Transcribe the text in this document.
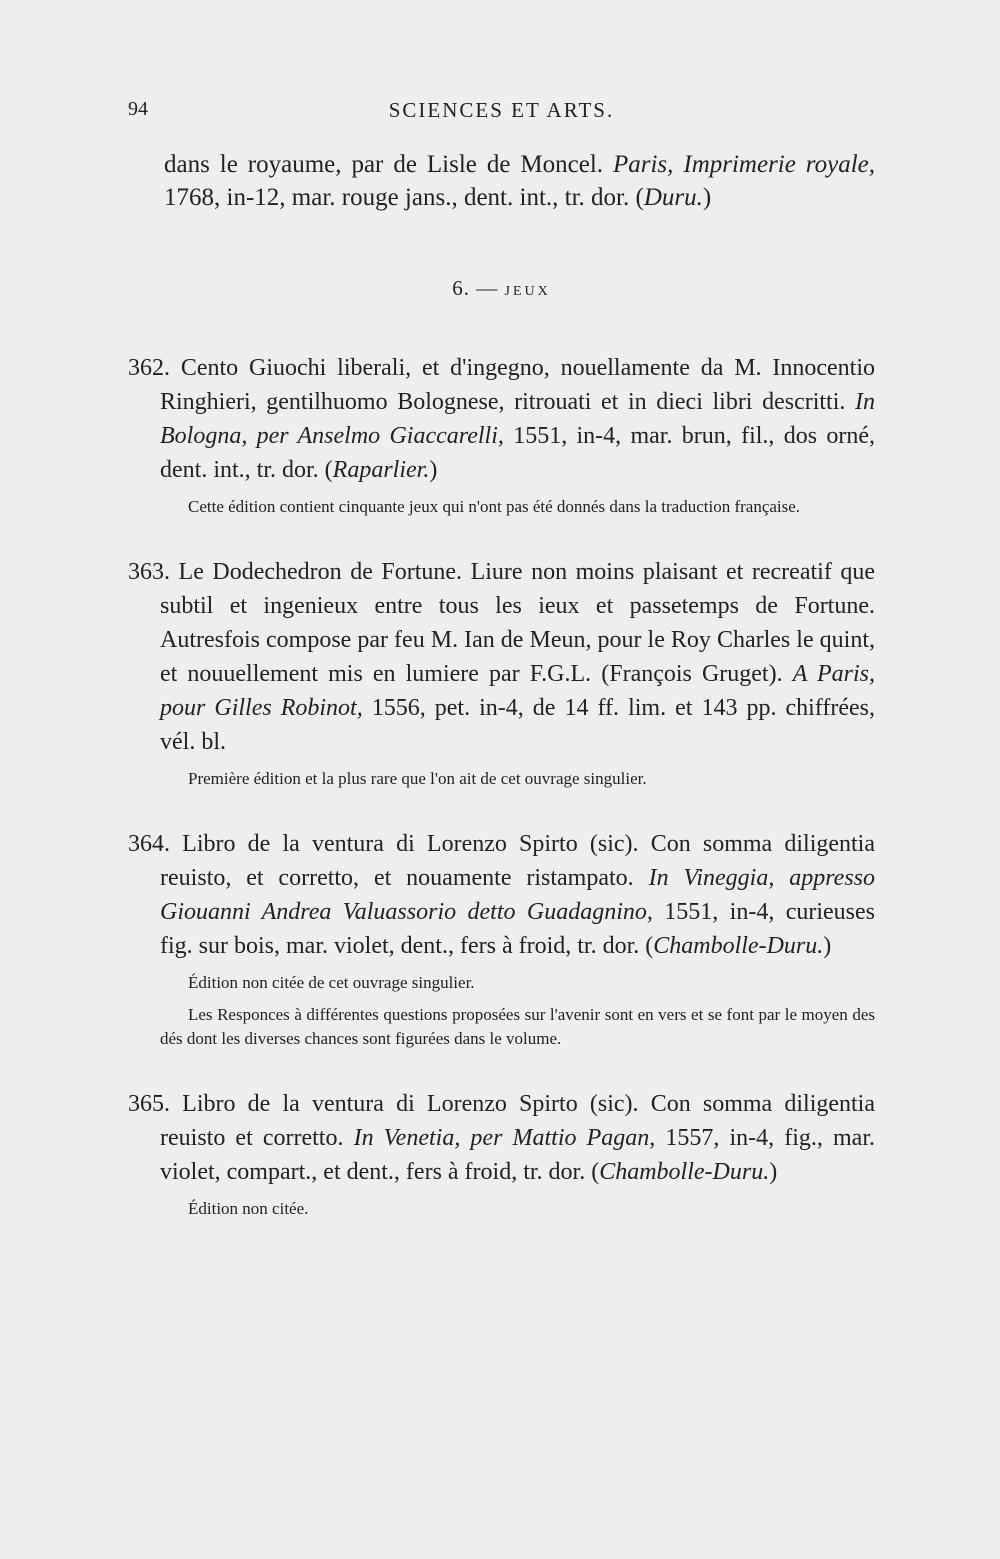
94	SCIENCES ET ARTS.

dans le royaume, par de Lisle de Moncel. Paris, Imprimerie royale, 1768, in-12, mar. rouge jans., dent. int., tr. dor. (Duru.)

6. — JEUX

362. Cento Giuochi liberali, et d'ingegno, nouellamente da M. Innocentio Ringhieri, gentilhuomo Bolognese, ritrouati et in dieci libri descritti. In Bologna, per Anselmo Giaccarelli, 1551, in-4, mar. brun, fil., dos orné, dent. int., tr. dor. (Raparlier.)

Cette édition contient cinquante jeux qui n'ont pas été donnés dans la traduction française.

363. Le Dodechedron de Fortune. Liure non moins plaisant et recreatif que subtil et ingenieux entre tous les ieux et passetemps de Fortune. Autresfois compose par feu M. Ian de Meun, pour le Roy Charles le quint, et nouuellement mis en lumiere par F.G.L. (François Gruget). A Paris, pour Gilles Robinot, 1556, pet. in-4, de 14 ff. lim. et 143 pp. chiffrées, vél. bl.

Première édition et la plus rare que l'on ait de cet ouvrage singulier.

364. Libro de la ventura di Lorenzo Spirto (sic). Con somma diligentia reuisto, et corretto, et nouamente ristampato. In Vineggia, appresso Giouanni Andrea Valuassorio detto Guadagnino, 1551, in-4, curieuses fig. sur bois, mar. violet, dent., fers à froid, tr. dor. (Chambolle-Duru.)

Édition non citée de cet ouvrage singulier.

Les Responces à différentes questions proposées sur l'avenir sont en vers et se font par le moyen des dés dont les diverses chances sont figurées dans le volume.

365. Libro de la ventura di Lorenzo Spirto (sic). Con somma diligentia reuisto et corretto. In Venetia, per Mattio Pagan, 1557, in-4, fig., mar. violet, compart., et dent., fers à froid, tr. dor. (Chambolle-Duru.)

Édition non citée.
